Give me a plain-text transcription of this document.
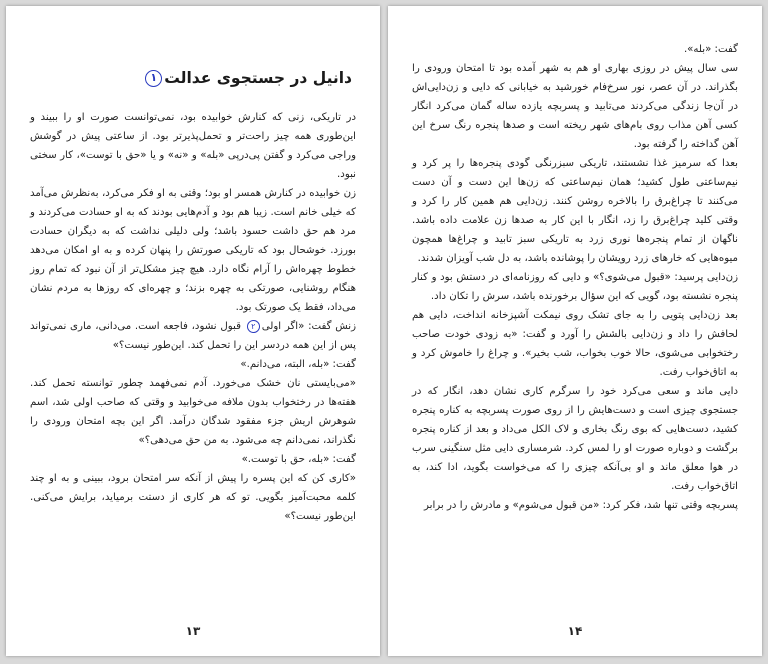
دانیل در جستجوی عدالت۱

در تاریکی، زنی که کنارش خوابیده بود، نمی‌توانست صورت او را ببیند و این‌طوری همه چیز راحت‌تر و تحمل‌پذیرتر بود. از ساعتی پیش در گوشش وراجی می‌کرد و گفتن پی‌درپی «بله» و «نه» و یا «حق با توست»، کار سختی نبود.

زن خوابیده در کنارش همسر او بود؛ وقتی به او فکر می‌کرد، به‌نظرش می‌آمد که خیلی خانم است. زیبا هم بود و آدم‌هایی بودند که به او حسادت می‌کردند و مرد هم حق داشت حسود باشد؛ ولی دلیلی نداشت که به دیگران حسادت بورزد. خوشحال بود که تاریکی صورتش را پنهان کرده و به او امکان می‌دهد خطوط چهره‌اش را آرام نگاه دارد. هیچ چیز مشکل‌تر از آن نبود که تمام روز هنگام روشنایی، صورتکی به چهره بزند؛ و چهره‌ای که روزها به مردم نشان می‌داد، فقط یک صورتک بود.

زنش گفت: «اگر اولی۲ قبول نشود، فاجعه است. می‌دانی، ماری نمی‌تواند پس از این همه دردسر این را تحمل کند. این‌طور نیست؟»

گفت: «بله، البته، می‌دانم.»

«می‌بایستی نان خشک می‌خورد. آدم نمی‌فهمد چطور توانسته تحمل کند. هفته‌ها در رختخواب بدون ملافه می‌خوابید و وقتی که صاحب اولی شد، اسم شوهرش اریش جزء مفقود شدگان درآمد. اگر این بچه امتحان ورودی را نگذراند، نمی‌دانم چه می‌شود. به من حق می‌دهی؟»

گفت: «بله، حق با توست.»

«کاری کن که این پسره را پیش از آنکه سر امتحان برود، ببینی و به او چند کلمه محبت‌آمیز بگویی. تو که هر کاری از دستت برمیاید، برایش می‌کنی. این‌طور نیست؟»

۱۳

گفت: «بله».

سی سال پیش در روزی بهاری او هم به شهر آمده بود تا امتحان ورودی را بگذراند. در آن عصر، نور سرخ‌فام خورشید به خیابانی که دایی و زن‌دایی‌اش در آن‌جا زندگی می‌کردند می‌تابید و پسربچه یازده ساله گمان می‌کرد انگار کسی آهن مذاب روی بام‌های شهر ریخته است و صدها پنجره رنگ سرخ این آهن گداخته را گرفته بود.

بعدا که سرمیز غذا نشستند، تاریکی سبزرنگی گودی پنجره‌ها را پر کرد و نیم‌ساعتی طول کشید؛ همان نیم‌ساعتی که زن‌ها این دست و آن دست می‌کنند تا چراغ‌برق را بالاخره روشن کنند. زن‌دایی هم همین کار را کرد و وقتی کلید چراغ‌برق را زد، انگار با این کار به صدها زن علامت داده باشد. ناگهان از تمام پنجره‌ها نوری زرد به تاریکی سبز تابید و چراغ‌ها همچون میوه‌هایی که خارهای زرد رویشان را پوشانده باشد، به دل شب آویزان شدند.

زن‌دایی پرسید: «قبول می‌شوی؟» و دایی که روزنامه‌ای در دستش بود و کنار پنجره نشسته بود، گویی که این سؤال برخورنده باشد، سرش را تکان داد.

بعد زن‌دایی پتویی را به جای تشک روی نیمکت آشپزخانه انداخت، دایی هم لحافش را داد و زن‌دایی بالشش را آورد و گفت: «به زودی خودت صاحب رختخوابی می‌شوی، حالا خوب بخواب، شب بخیر». و چراغ را خاموش کرد و به اتاق‌خواب رفت.

دایی ماند و سعی می‌کرد خود را سرگرم کاری نشان دهد، انگار که در جستجوی چیزی است و دست‌هایش را از روی صورت پسربچه به کناره پنجره کشید، دست‌هایی که بوی رنگ بخاری و لاک الکل می‌داد و بعد از کناره پنجره برگشت و دوباره صورت او را لمس کرد. شرمساری دایی مثل سنگینی سرب در هوا معلق ماند و او بی‌آنکه چیزی را که می‌خواست بگوید، ادا کند، به اتاق‌خواب رفت.

پسربچه وقتی تنها شد، فکر کرد: «من قبول می‌شوم» و مادرش را در برابر

۱۴
